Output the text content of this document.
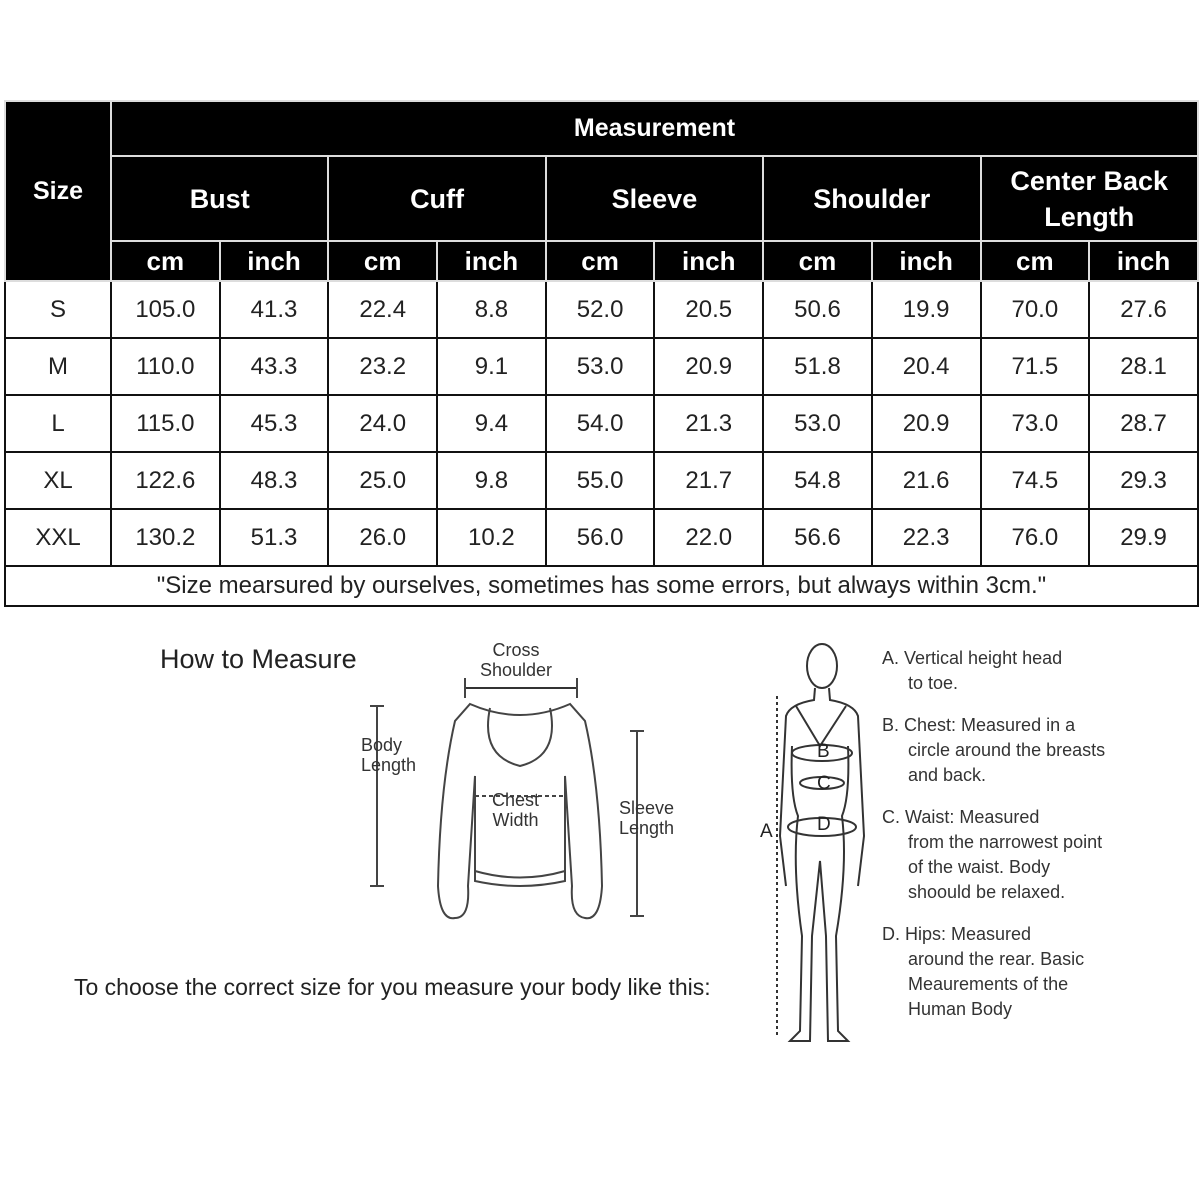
Size	Measurement									
	Bust		Cuff		Sleeve		Shoulder		Center Back Length	
	cm	inch	cm	inch	cm	inch	cm	inch	cm	inch
S	105.0	41.3	22.4	8.8	52.0	20.5	50.6	19.9	70.0	27.6
M	110.0	43.3	23.2	9.1	53.0	20.9	51.8	20.4	71.5	28.1
L	115.0	45.3	24.0	9.4	54.0	21.3	53.0	20.9	73.0	28.7
XL	122.6	48.3	25.0	9.8	55.0	21.7	54.8	21.6	74.5	29.3
XXL	130.2	51.3	26.0	10.2	56.0	22.0	56.6	22.3	76.0	29.9
"Size mearsured by ourselves, sometimes has some errors, but always within 3cm."										
How to Measure
To choose the correct size for you measure your body like this:
Cross
Shoulder
Body
Length
Chest
Width
Sleeve
Length
B
C
D
A

A. Vertical height head
to toe.

B. Chest: Measured in a
circle around the breasts and back.

C. Waist: Measured
from the narrowest point of the waist. Body shoould be relaxed.

D. Hips: Measured
around the rear. Basic Meaurements of the Human Body
